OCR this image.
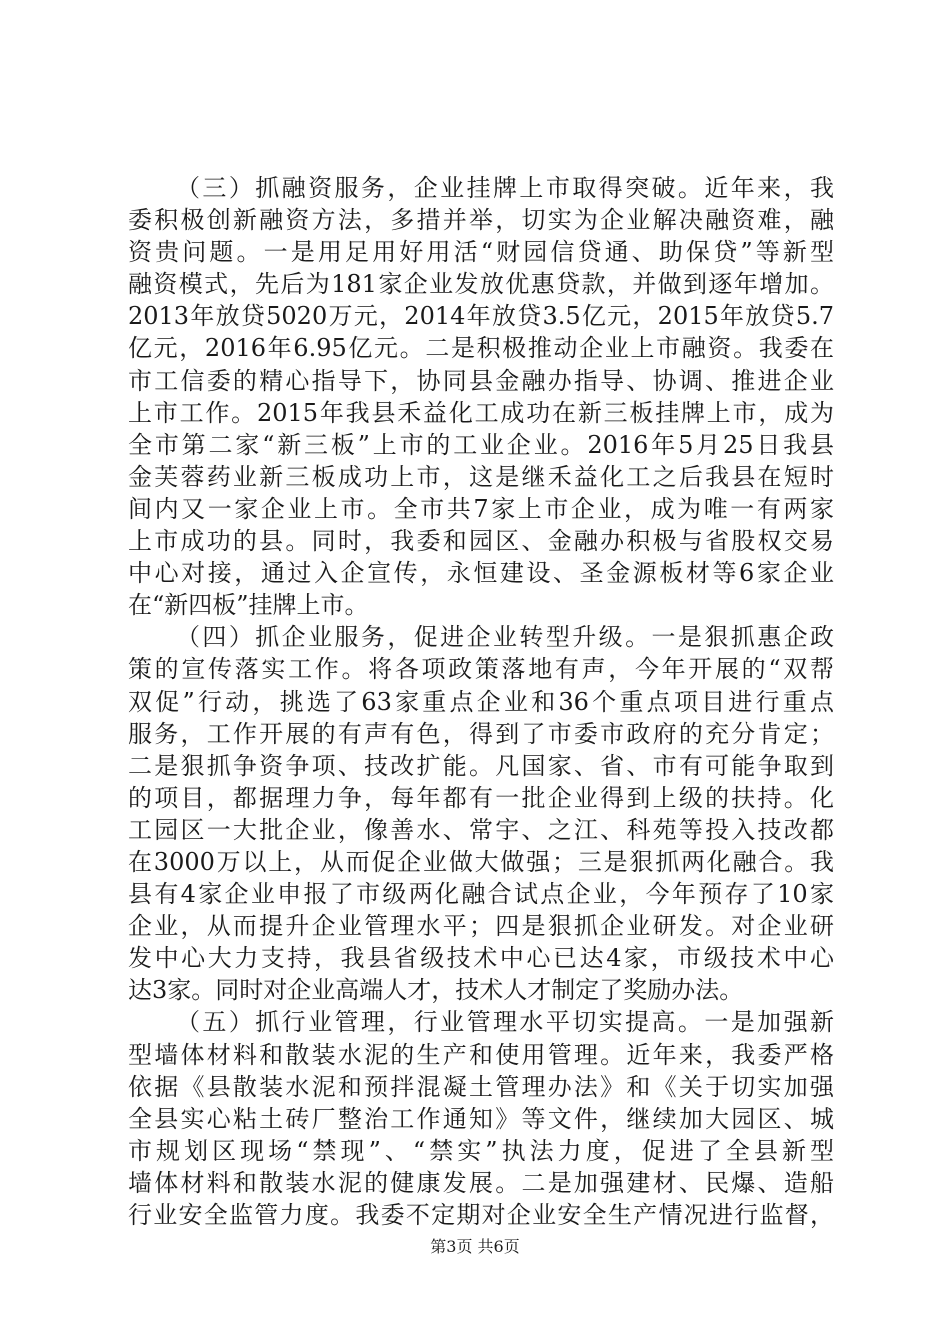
（三）抓融资服务，企业挂牌上市取得突破。近年来，我
委积极创新融资方法，多措并举，切实为企业解决融资难，融
资贵问题。一是用足用好用活“财园信贷通、助保贷”等新型
融资模式，先后为181家企业发放优惠贷款，并做到逐年增加。
2013年放贷5020万元，2014年放贷3.5亿元，2015年放贷5.7
亿元，2016年6.95亿元。二是积极推动企业上市融资。我委在
市工信委的精心指导下，协同县金融办指导、协调、推进企业
上市工作。2015年我县禾益化工成功在新三板挂牌上市，成为
全市第二家“新三板”上市的工业企业。2016年5月25日我县
金芙蓉药业新三板成功上市，这是继禾益化工之后我县在短时
间内又一家企业上市。全市共7家上市企业，成为唯一有两家
上市成功的县。同时，我委和园区、金融办积极与省股权交易
中心对接，通过入企宣传，永恒建设、圣金源板材等6家企业
在“新四板”挂牌上市。
（四）抓企业服务，促进企业转型升级。一是狠抓惠企政
策的宣传落实工作。将各项政策落地有声，今年开展的“双帮
双促”行动，挑选了63家重点企业和36个重点项目进行重点
服务，工作开展的有声有色，得到了市委市政府的充分肯定；
二是狠抓争资争项、技改扩能。凡国家、省、市有可能争取到
的项目，都据理力争，每年都有一批企业得到上级的扶持。化
工园区一大批企业，像善水、常宇、之江、科苑等投入技改都
在3000万以上，从而促企业做大做强；三是狠抓两化融合。我
县有4家企业申报了市级两化融合试点企业，今年预存了10家
企业，从而提升企业管理水平；四是狠抓企业研发。对企业研
发中心大力支持，我县省级技术中心已达4家，市级技术中心
达3家。同时对企业高端人才，技术人才制定了奖励办法。
（五）抓行业管理，行业管理水平切实提高。一是加强新
型墙体材料和散装水泥的生产和使用管理。近年来，我委严格
依据《县散装水泥和预拌混凝土管理办法》和《关于切实加强
全县实心粘土砖厂整治工作通知》等文件，继续加大园区、城
市规划区现场“禁现”、“禁实”执法力度，促进了全县新型
墙体材料和散装水泥的健康发展。二是加强建材、民爆、造船
行业安全监管力度。我委不定期对企业安全生产情况进行监督，
第3页 共6页
